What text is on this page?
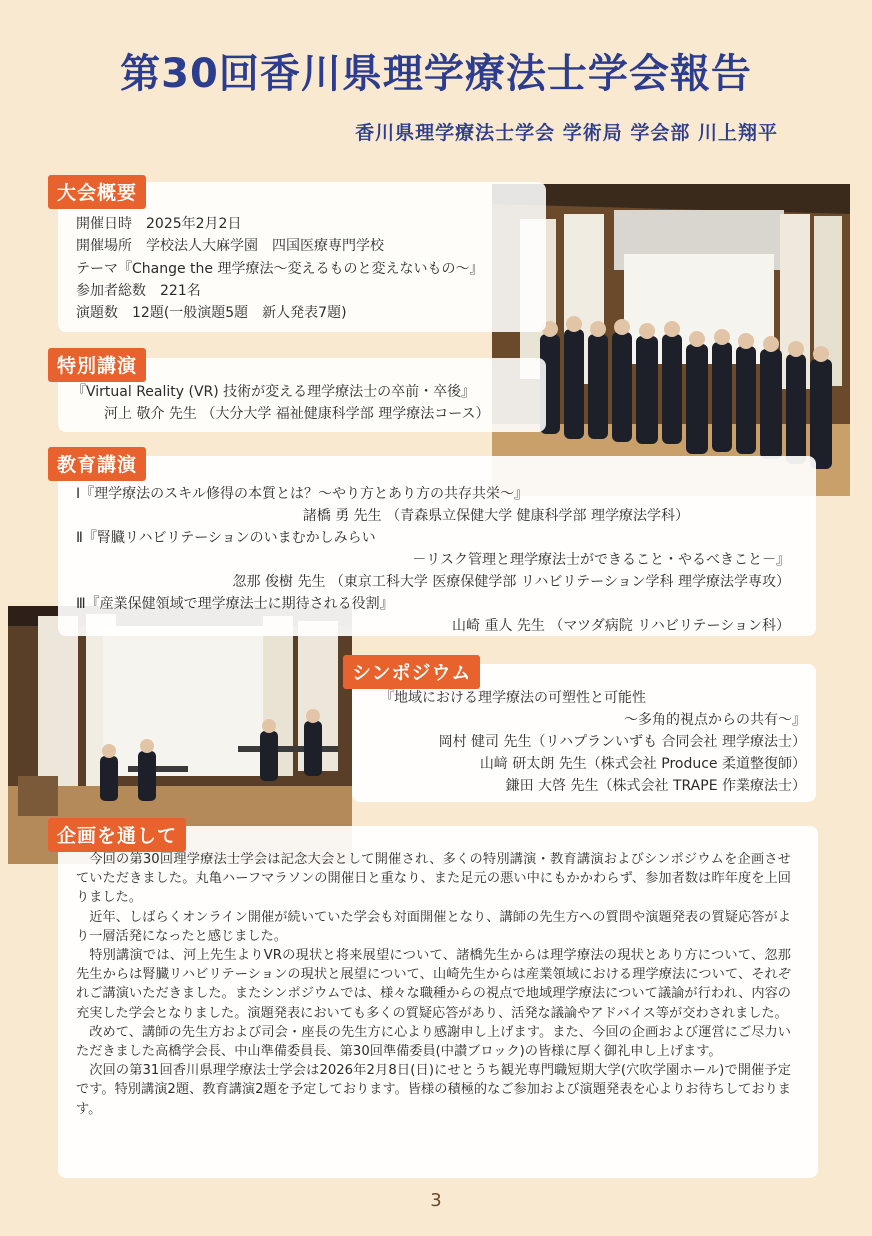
第30回香川県理学療法士学会報告
香川県理学療法士学会 学術局 学会部 川上翔平
大会概要
開催日時　2025年2月2日
開催場所　学校法人大麻学園　四国医療専門学校
テーマ『Change the 理学療法～変えるものと変えないもの～』
参加者総数　221名
演題数　12題(一般演題5題　新人発表7題)
特別講演
『Virtual Reality (VR) 技術が変える理学療法士の卒前・卒後』
河上 敬介 先生 （大分大学 福祉健康科学部 理学療法コース）
教育講演
Ⅰ『理学療法のスキル修得の本質とは？～やり方とあり方の共存共栄～』
諸橋 勇 先生 （青森県立保健大学 健康科学部 理学療法学科）
Ⅱ『腎臓リハビリテーションのいまむかしみらい
－リスク管理と理学療法士ができること・やるべきこと－』
忽那 俊樹 先生 （東京工科大学 医療保健学部 リハビリテーション学科 理学療法学専攻）
Ⅲ『産業保健領域で理学療法士に期待される役割』
山崎 重人 先生 （マツダ病院 リハビリテーション科）
シンポジウム
『地域における理学療法の可塑性と可能性
～多角的視点からの共有～』
岡村 健司 先生（リハプランいずも 合同会社 理学療法士）
山﨑 研太朗 先生（株式会社 Produce 柔道整復師）
鎌田 大啓 先生（株式会社 TRAPE 作業療法士）
企画を通して

今回の第30回理学療法士学会は記念大会として開催され、多くの特別講演・教育講演およびシンポジウムを企画させていただきました。丸亀ハーフマラソンの開催日と重なり、また足元の悪い中にもかかわらず、参加者数は昨年度を上回りました。

近年、しばらくオンライン開催が続いていた学会も対面開催となり、講師の先生方への質問や演題発表の質疑応答がより一層活発になったと感じました。

特別講演では、河上先生よりVRの現状と将来展望について、諸橋先生からは理学療法の現状とあり方について、忽那先生からは腎臓リハビリテーションの現状と展望について、山崎先生からは産業領域における理学療法について、それぞれご講演いただきました。またシンポジウムでは、様々な職種からの視点で地域理学療法について議論が行われ、内容の充実した学会となりました。演題発表においても多くの質疑応答があり、活発な議論やアドバイス等が交わされました。

改めて、講師の先生方および司会・座長の先生方に心より感謝申し上げます。また、今回の企画および運営にご尽力いただきました高橋学会長、中山準備委員長、第30回準備委員(中讃ブロック)の皆様に厚く御礼申し上げます。

次回の第31回香川県理学療法士学会は2026年2月8日(日)にせとうち観光専門職短期大学(穴吹学園ホール)で開催予定です。特別講演2題、教育講演2題を予定しております。皆様の積極的なご参加および演題発表を心よりお待ちしております。

3
